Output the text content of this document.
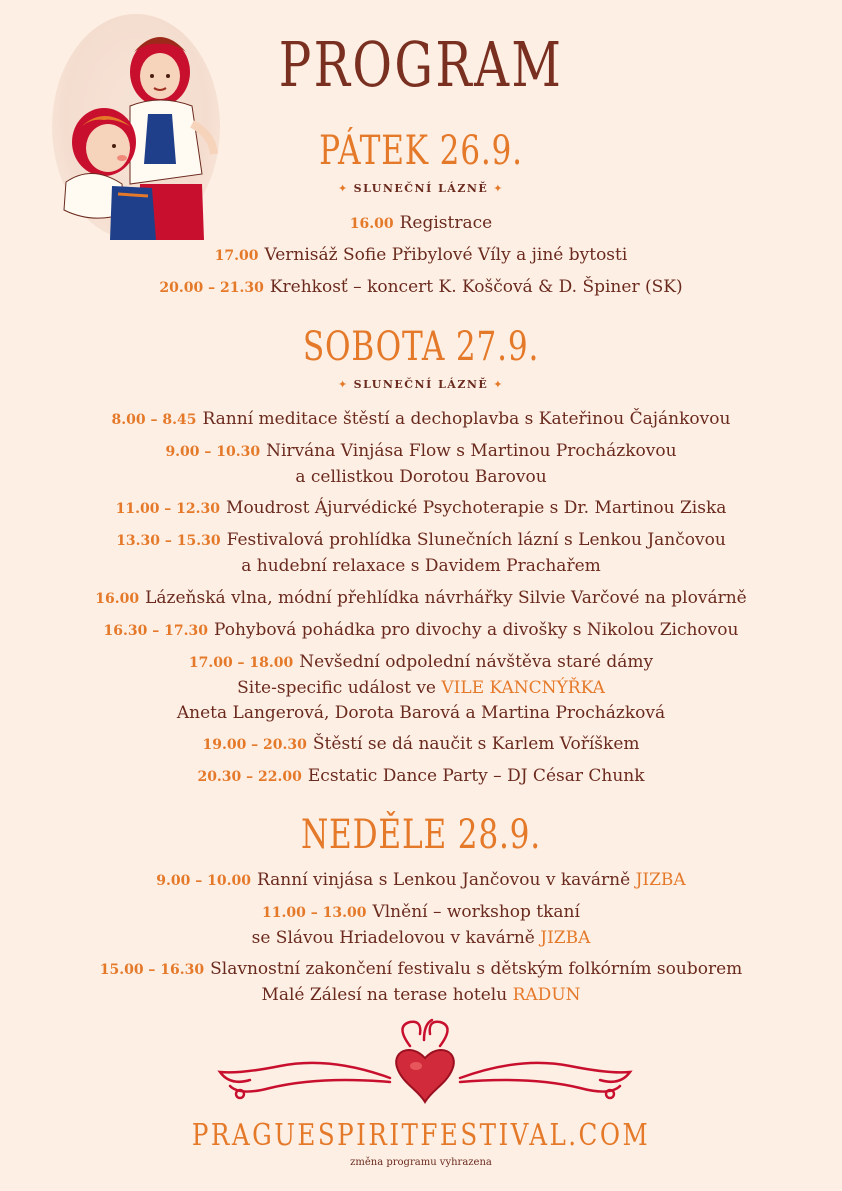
PROGRAM
PÁTEK 26.9.
✦ SLUNEČNÍ LÁZNĚ ✦
16.00 Registrace
17.00 Vernisáž Sofie Přibylové Víly a jiné bytosti
20.00 – 21.30 Krehkosť – koncert K. Koščová & D. Špiner (SK)
SOBOTA 27.9.
✦ SLUNEČNÍ LÁZNĚ ✦
8.00 – 8.45 Ranní meditace štěstí a dechoplavba s Kateřinou Čajánkovou
9.00 – 10.30 Nirvána Vinjása Flow s Martinou Procházkovou
a cellistkou Dorotou Barovou
11.00 – 12.30 Moudrost Ájurvédické Psychoterapie s Dr. Martinou Ziska
13.30 – 15.30 Festivalová prohlídka Slunečních lázní s Lenkou Jančovou
a hudební relaxace s Davidem Prachařem
16.00 Lázeňská vlna, módní přehlídka návrhářky Silvie Varčové na plovárně
16.30 – 17.30 Pohybová pohádka pro divochy a divošky s Nikolou Zichovou
17.00 – 18.00 Nevšední odpolední návštěva staré dámy
Site-specific událost ve VILE KANCNÝŘKA
Aneta Langerová, Dorota Barová a Martina Procházková
19.00 – 20.30 Štěstí se dá naučit s Karlem Voříškem
20.30 – 22.00 Ecstatic Dance Party – DJ César Chunk
NEDĚLE 28.9.
9.00 – 10.00 Ranní vinjása s Lenkou Jančovou v kavárně JIZBA
11.00 – 13.00 Vlnění – workshop tkaní
se Slávou Hriadelovou v kavárně JIZBA
15.00 – 16.30 Slavnostní zakončení festivalu s dětským folkórním souborem
Malé Zálesí na terase hotelu RADUN
PRAGUESPIRITFESTIVAL.COM
změna programu vyhrazena
